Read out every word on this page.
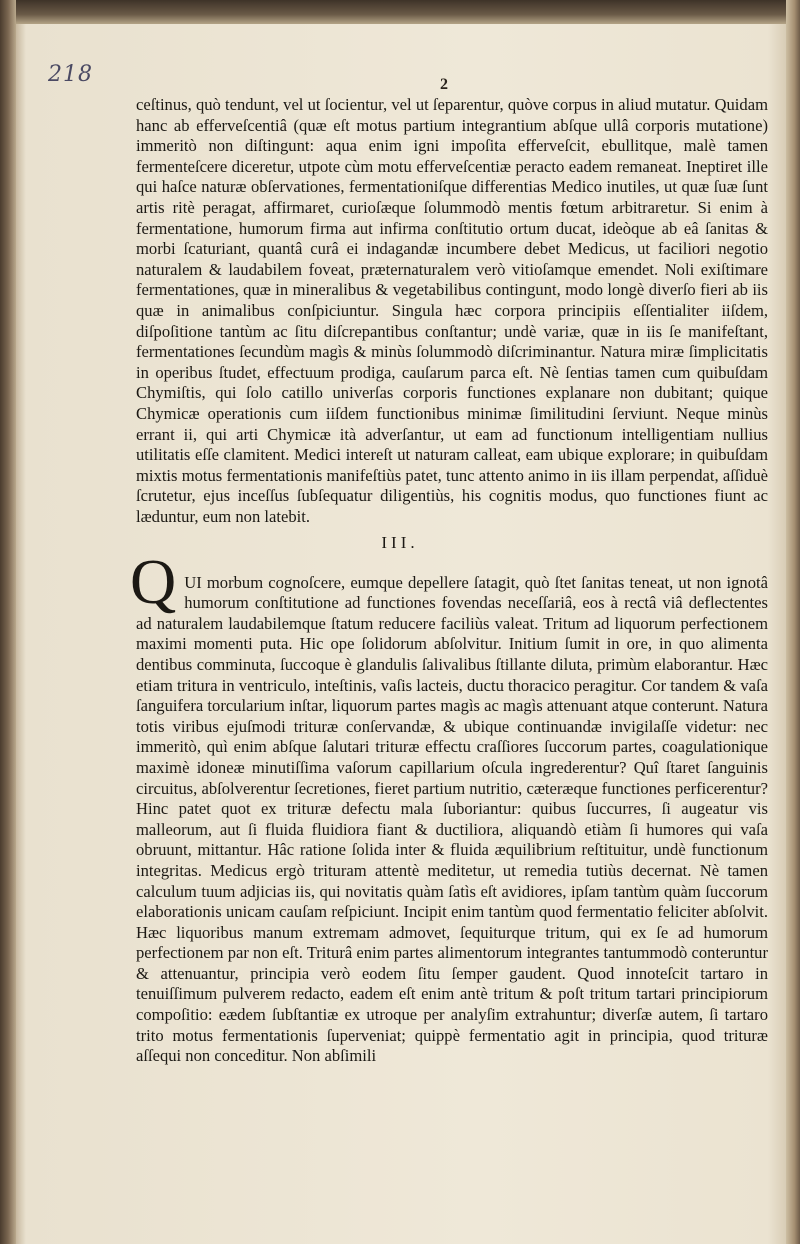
218	2

ceſtinus, quò tendunt, vel ut ſocientur, vel ut ſeparentur, quòve corpus in aliud mutatur. Quidam hanc ab efferveſcentiâ (quæ eſt motus partium integrantium abſque ullâ corporis mutatione) immeritò non diſtingunt: aqua enim igni impoſita efferveſcit, ebullitque, malè tamen fermenteſcere diceretur, utpote cùm motu efferveſcentiæ peracto eadem remaneat. Ineptiret ille qui haſce naturæ obſervationes, fermentationiſque differentias Medico inutiles, ut quæ ſuæ ſunt artis ritè peragat, affirmaret, curioſæque ſolummodò mentis fœtum arbitraretur. Si enim à fermentatione, humorum firma aut infirma conſtitutio ortum ducat, ideòque ab eâ ſanitas & morbi ſcaturiant, quantâ curâ ei indagandæ incumbere debet Medicus, ut faciliori negotio naturalem & laudabilem foveat, præternaturalem verò vitioſamque emendet. Noli exiſtimare fermentationes, quæ in mineralibus & vegetabilibus contingunt, modo longè diverſo fieri ab iis quæ in animalibus conſpiciuntur. Singula hæc corpora principiis eſſentialiter iiſdem, diſpoſitione tantùm ac ſitu diſcrepantibus conſtantur; undè variæ, quæ in iis ſe manifeſtant, fermentationes ſecundùm magìs & minùs ſolummodò diſcriminantur. Natura miræ ſimplicitatis in operibus ſtudet, effectuum prodiga, cauſarum parca eſt. Nè ſentias tamen cum quibuſdam Chymiſtis, qui ſolo catillo univerſas corporis functiones explanare non dubitant; quique Chymicæ operationis cum iiſdem functionibus minimæ ſimilitudini ſerviunt. Neque minùs errant ii, qui arti Chymicæ ità adverſantur, ut eam ad functionum intelligentiam nullius utilitatis eſſe clamitent. Medici intereſt ut naturam calleat, eam ubique explorare; in quibuſdam mixtis motus fermentationis manifeſtiùs patet, tunc attento animo in iis illam perpendat, aſſiduè ſcrutetur, ejus inceſſus ſubſequatur diligentiùs, his cognitis modus, quo functiones fiunt ac læduntur, eum non latebit.

III.
Q UI morbum cognoſcere, eumque depellere ſatagit, quò ſtet ſanitas teneat, ut non ignotâ humorum conſtitutione ad functiones fovendas neceſſariâ, eos à rectâ viâ deflectentes ad naturalem laudabilemque ſtatum reducere faciliùs valeat. Tritum ad liquorum perfectionem maximi momenti puta. Hic ope ſolidorum abſolvitur. Initium ſumit in ore, in quo alimenta dentibus comminuta, ſuccoque è glandulis ſalivalibus ſtillante diluta, primùm elaborantur. Hæc etiam tritura in ventriculo, inteſtinis, vaſis lacteis, ductu thoracico peragitur. Cor tandem & vaſa ſanguifera torcularium inſtar, liquorum partes magìs ac magìs attenuant atque conterunt. Natura totis viribus ejuſmodi trituræ conſervandæ, & ubique continuandæ invigilaſſe videtur: nec immeritò, quì enim abſque ſalutari trituræ effectu craſſiores ſuccorum partes, coagulationique maximè idoneæ minutiſſima vaſorum capillarium oſcula ingrederentur? Quî ſtaret ſanguinis circuitus, abſolverentur ſecretiones, fieret partium nutritio, cæteræque functiones perficerentur? Hinc patet quot ex trituræ defectu mala ſuboriantur: quibus ſuccurres, ſi augeatur vis malleorum, aut ſi fluida fluidiora fiant & ductiliora, aliquandò etiàm ſi humores qui vaſa obruunt, mittantur. Hâc ratione ſolida inter & fluida æquilibrium reſtituitur, undè functionum integritas. Medicus ergò trituram attentè meditetur, ut remedia tutiùs decernat. Nè tamen calculum tuum adjicias iis, qui novitatis quàm ſatìs eſt avidiores, ipſam tantùm quàm ſuccorum elaborationis unicam cauſam reſpiciunt. Incipit enim tantùm quod fermentatio feliciter abſolvit. Hæc liquoribus manum extremam admovet, ſequiturque tritum, qui ex ſe ad humorum perfectionem par non eſt. Triturâ enim partes alimentorum integrantes tantummodò conteruntur & attenuantur, principia verò eodem ſitu ſemper gaudent. Quod innoteſcit tartaro in tenuiſſimum pulverem redacto, eadem eſt enim antè tritum & poſt tritum tartari principiorum compoſitio: eædem ſubſtantiæ ex utroque per analyſim extrahuntur; diverſæ autem, ſi tartaro trito motus fermentationis ſuperveniat; quippè fermentatio agit in principia, quod trituræ aſſequi non conceditur. Non abſimili
